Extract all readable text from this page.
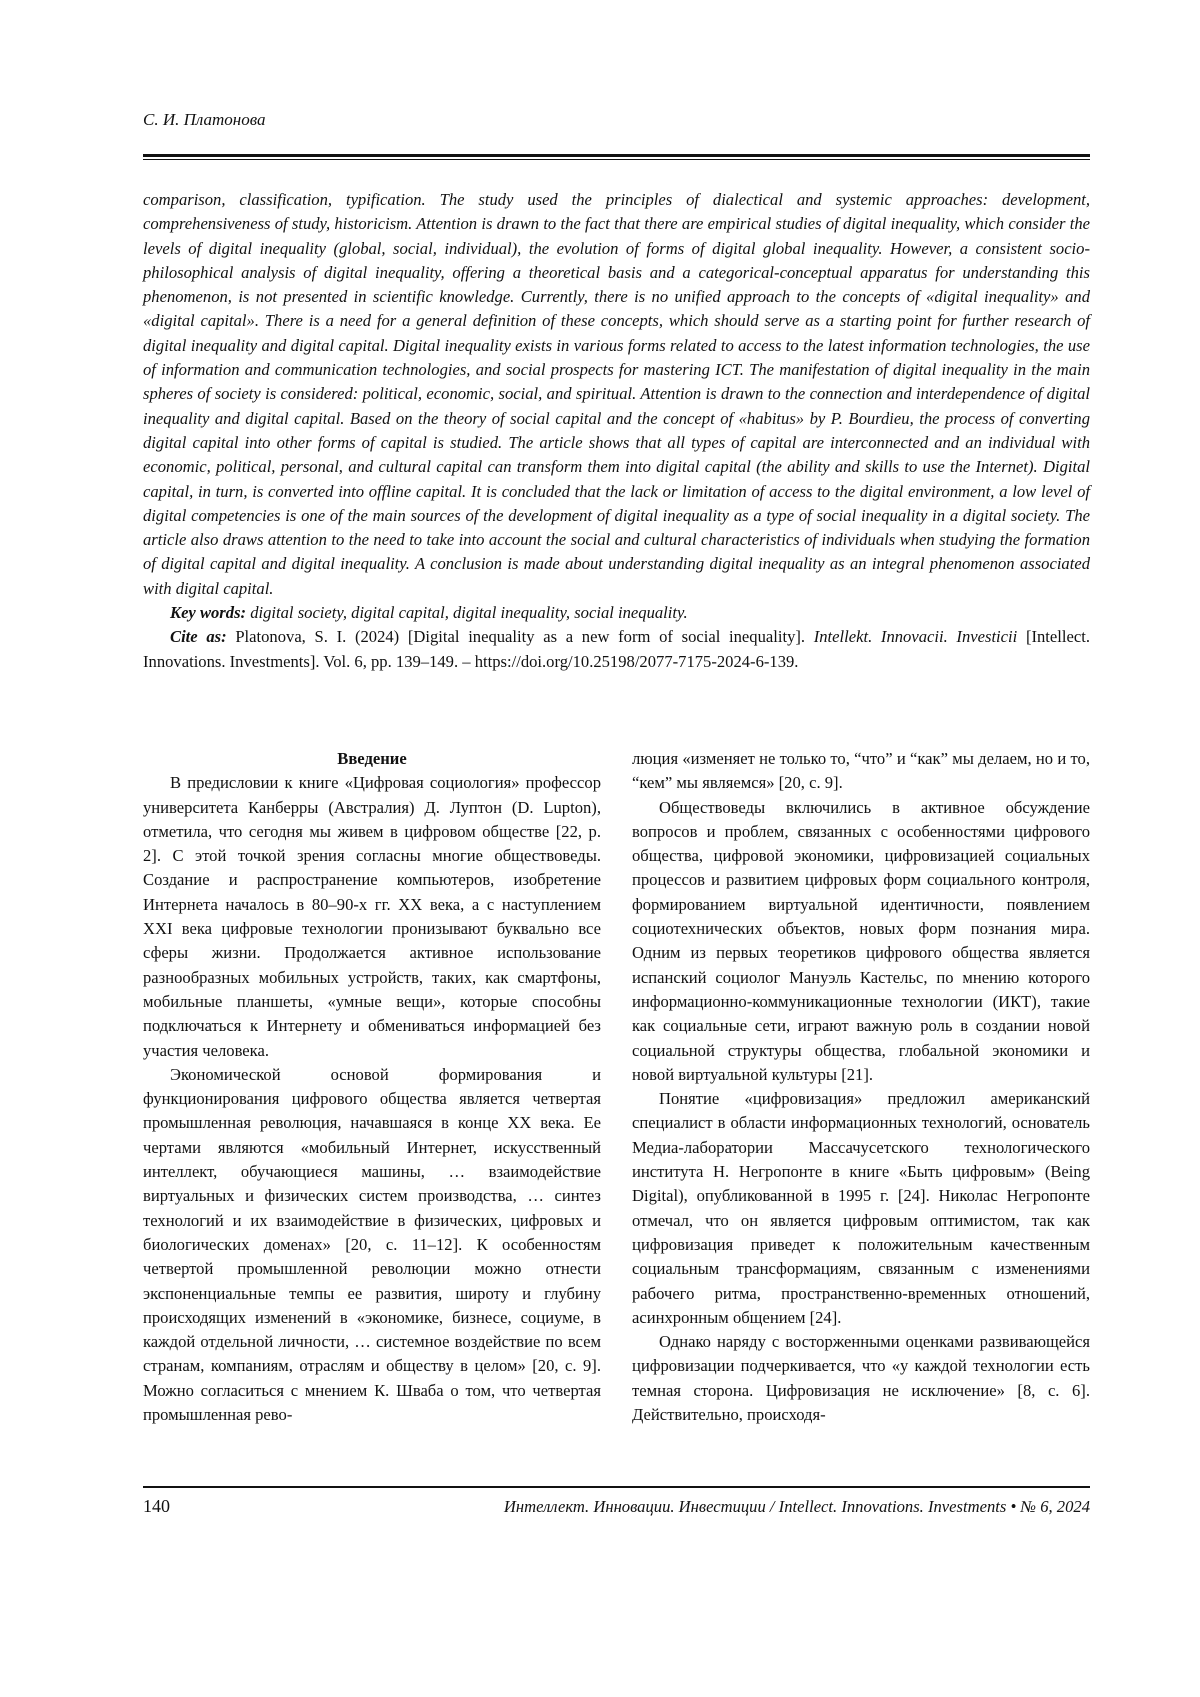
С. И. Платонова

comparison, classification, typification. The study used the principles of dialectical and systemic approaches: development, comprehensiveness of study, historicism. Attention is drawn to the fact that there are empirical studies of digital inequality, which consider the levels of digital inequality (global, social, individual), the evolution of forms of digital global inequality. However, a consistent socio-philosophical analysis of digital inequality, offering a theoretical basis and a categorical-conceptual apparatus for understanding this phenomenon, is not presented in scientific knowledge. Currently, there is no unified approach to the concepts of «digital inequality» and «digital capital». There is a need for a general definition of these concepts, which should serve as a starting point for further research of digital inequality and digital capital. Digital inequality exists in various forms related to access to the latest information technologies, the use of information and communication technologies, and social prospects for mastering ICT. The manifestation of digital inequality in the main spheres of society is considered: political, economic, social, and spiritual. Attention is drawn to the connection and interdependence of digital inequality and digital capital. Based on the theory of social capital and the concept of «habitus» by P. Bourdieu, the process of converting digital capital into other forms of capital is studied. The article shows that all types of capital are interconnected and an individual with economic, political, personal, and cultural capital can transform them into digital capital (the ability and skills to use the Internet). Digital capital, in turn, is converted into offline capital. It is concluded that the lack or limitation of access to the digital environment, a low level of digital competencies is one of the main sources of the development of digital inequality as a type of social inequality in a digital society. The article also draws attention to the need to take into account the social and cultural characteristics of individuals when studying the formation of digital capital and digital inequality. A conclusion is made about understanding digital inequality as an integral phenomenon associated with digital capital.

Key words: digital society, digital capital, digital inequality, social inequality.

Cite as: Platonova, S. I. (2024) [Digital inequality as a new form of social inequality]. Intellekt. Innovacii. Investicii [Intellect. Innovations. Investments]. Vol. 6, pp. 139–149. – https://doi.org/10.25198/2077-7175-2024-6-139.

Введение

В предисловии к книге «Цифровая социология» профессор университета Канберры (Австралия) Д. Луптон (D. Lupton), отметила, что сегодня мы живем в цифровом обществе [22, p. 2]. С этой точкой зрения согласны многие обществоведы. Создание и распространение компьютеров, изобретение Интернета началось в 80–90-х гг. XX века, а с наступлением XXI века цифровые технологии пронизывают буквально все сферы жизни. Продолжается активное использование разнообразных мобильных устройств, таких, как смартфоны, мобильные планшеты, «умные вещи», которые способны подключаться к Интернету и обмениваться информацией без участия человека.

Экономической основой формирования и функционирования цифрового общества является четвертая промышленная революция, начавшаяся в конце XX века. Ее чертами являются «мобильный Интернет, искусственный интеллект, обучающиеся машины, … взаимодействие виртуальных и физических систем производства, … синтез технологий и их взаимодействие в физических, цифровых и биологических доменах» [20, с. 11–12]. К особенностям четвертой промышленной революции можно отнести экспоненциальные темпы ее развития, широту и глубину происходящих изменений в «экономике, бизнесе, социуме, в каждой отдельной личности, … системное воздействие по всем странам, компаниям, отраслям и обществу в целом» [20, с. 9]. Можно согласиться с мнением К. Шваба о том, что четвертая промышленная рево-

люция «изменяет не только то, “что” и “как” мы делаем, но и то, “кем” мы являемся» [20, с. 9].

Обществоведы включились в активное обсуждение вопросов и проблем, связанных с особенностями цифрового общества, цифровой экономики, цифровизацией социальных процессов и развитием цифровых форм социального контроля, формированием виртуальной идентичности, появлением социотехнических объектов, новых форм познания мира. Одним из первых теоретиков цифрового общества является испанский социолог Мануэль Кастельс, по мнению которого информационно-коммуникационные технологии (ИКТ), такие как социальные сети, играют важную роль в создании новой социальной структуры общества, глобальной экономики и новой виртуальной культуры [21].

Понятие «цифровизация» предложил американский специалист в области информационных технологий, основатель Медиа-лаборатории Массачусетского технологического института Н. Негропонте в книге «Быть цифровым» (Being Digital), опубликованной в 1995 г. [24]. Николас Негропонте отмечал, что он является цифровым оптимистом, так как цифровизация приведет к положительным качественным социальным трансформациям, связанным с изменениями рабочего ритма, пространственно-временных отношений, асинхронным общением [24].

Однако наряду с восторженными оценками развивающейся цифровизации подчеркивается, что «у каждой технологии есть темная сторона. Цифровизация не исключение» [8, с. 6]. Действительно, происходя-

140	Интеллект. Инновации. Инвестиции / Intellect. Innovations. Investments • № 6, 2024
